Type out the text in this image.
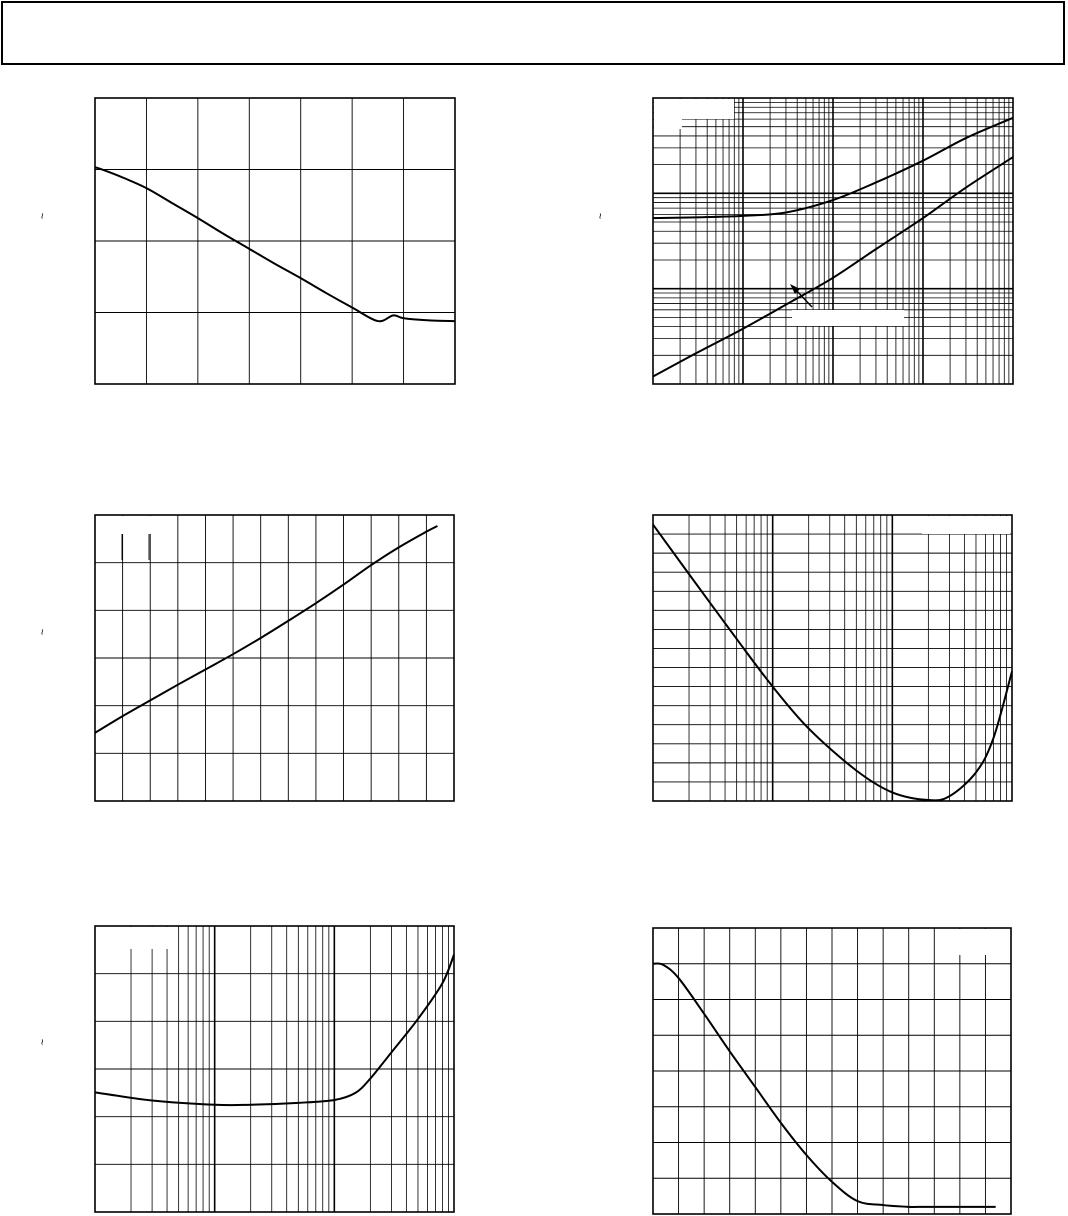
~	~
~
~
